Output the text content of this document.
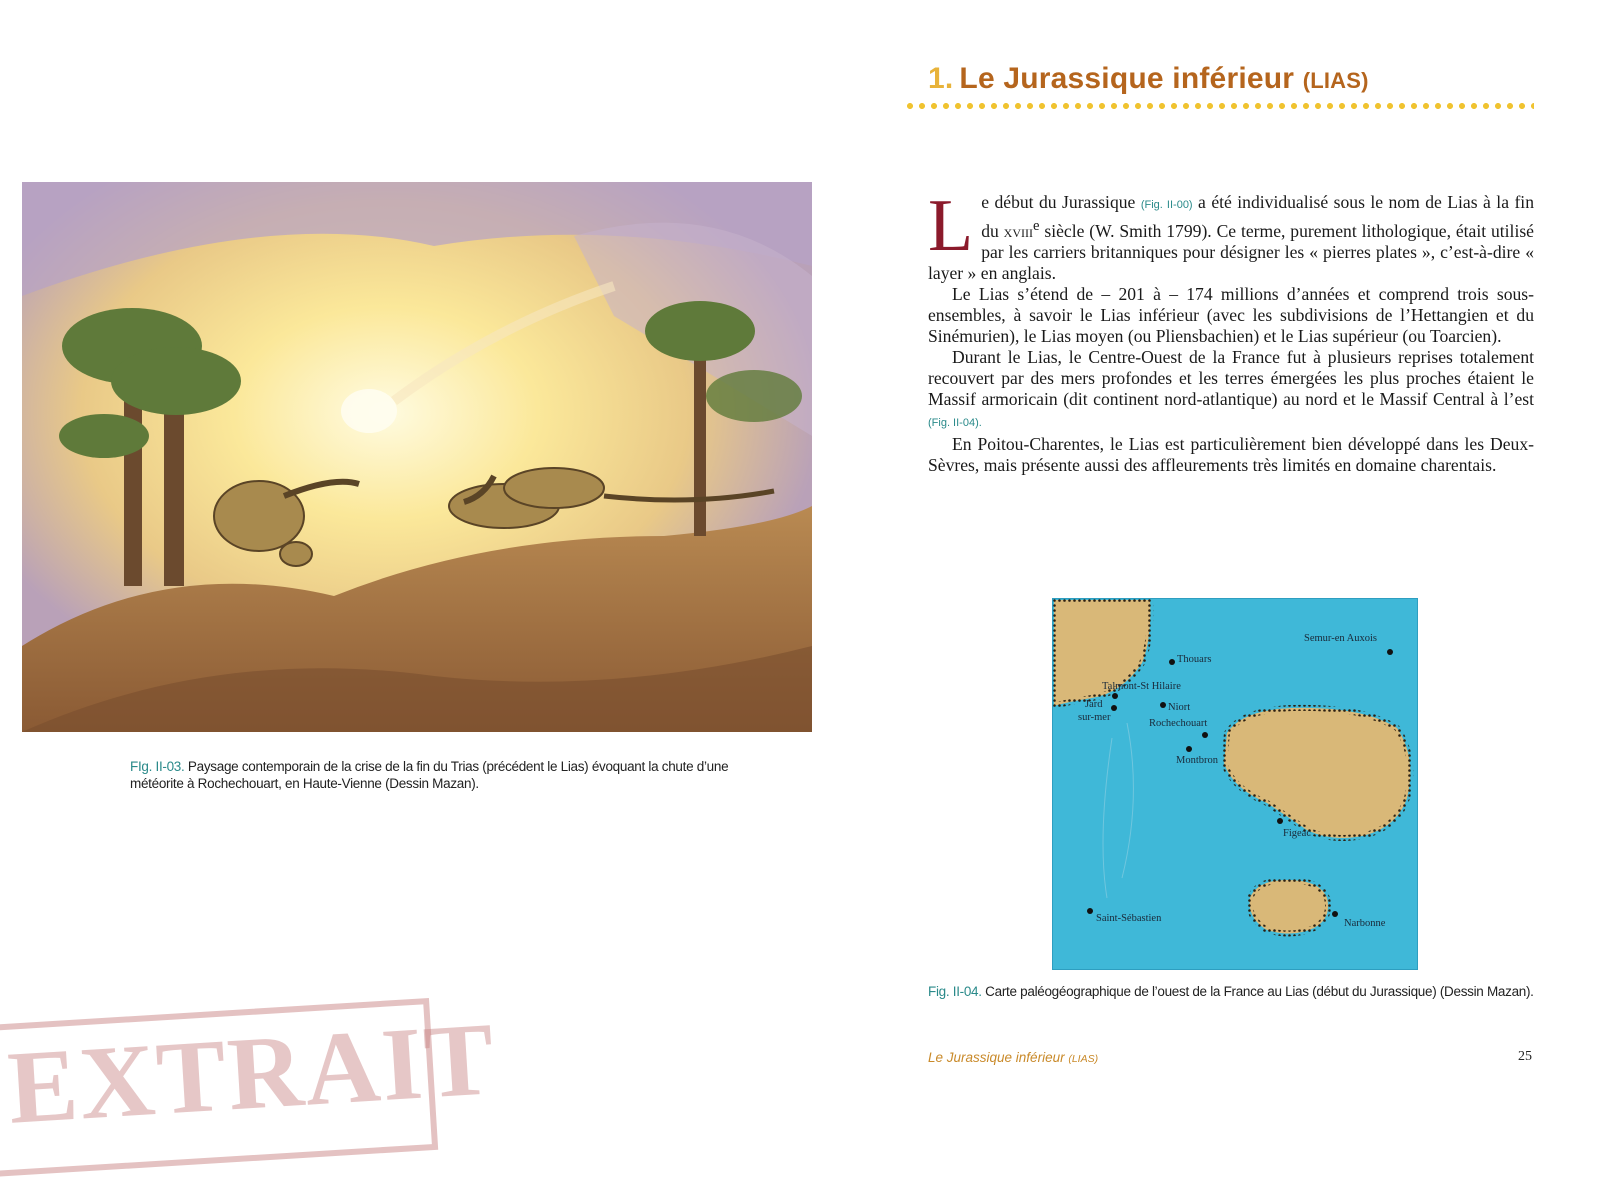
1. Le Jurassique inférieur (LIAS)

Le début du Jurassique (Fig. II-00) a été individualisé sous le nom de Lias à la fin du xviii$^e$ siècle (W. Smith 1799). Ce terme, purement lithologique, était utilisé par les carriers britanniques pour désigner les « pierres plates », c’est-à-dire « layer » en anglais.

Le Lias s’étend de – 201 à – 174 millions d’années et comprend trois sous-ensembles, à savoir le Lias inférieur (avec les subdivisions de l’Hettangien et du Sinémurien), le Lias moyen (ou Pliensbachien) et le Lias supérieur (ou Toarcien).

Durant le Lias, le Centre-Ouest de la France fut à plusieurs reprises totalement recouvert par des mers profondes et les terres émergées les plus proches étaient le Massif armoricain (dit continent nord-atlantique) au nord et le Massif Central à l’est (Fig. II-04).

En Poitou-Charentes, le Lias est particulièrement bien développé dans les Deux-Sèvres, mais présente aussi des affleurements très limités en domaine charentais.

FIg. II-03. Paysage contemporain de la crise de la fin du Trias (précédent le Lias) évoquant la chute d’une météorite à Rochechouart, en Haute-Vienne (Dessin Mazan).
Thouars
Semur-en Auxois
Talmont-St Hilaire
Jard
sur-mer
Niort
Rochechouart
Montbron
Figeac
Saint-Sébastien	Narbonne
Fig. II-04. Carte paléogéographique de l’ouest de la France au Lias (début du Jurassique) (Dessin Mazan).
Le Jurassique inférieur (LIAS)	25
EXTRAIT
